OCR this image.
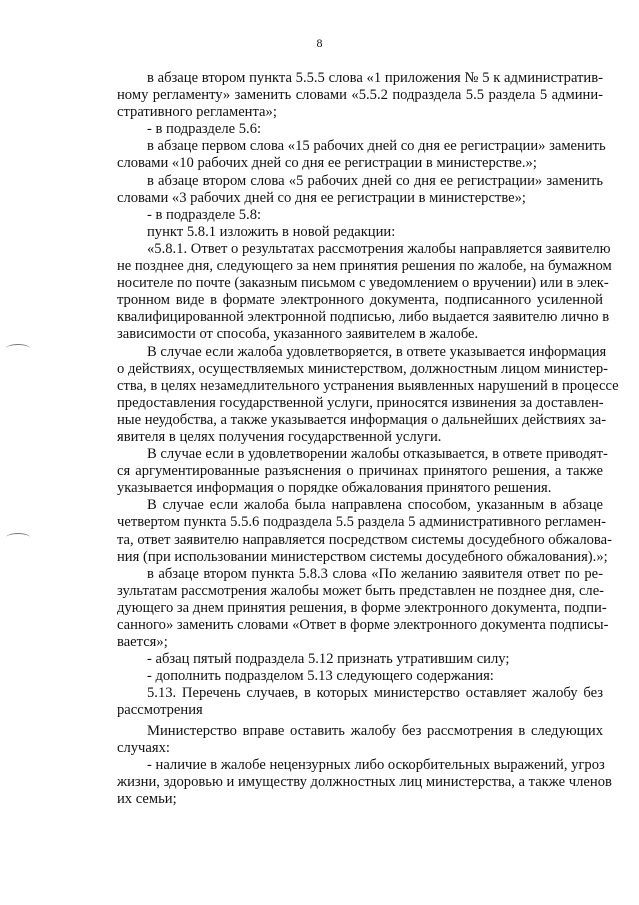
8
в абзаце втором пункта 5.5.5 слова «1 приложения № 5 к административ-
ному регламенту» заменить словами «5.5.2 подраздела 5.5 раздела 5 админи-
стративного регламента»;
- в подразделе 5.6:
в абзаце первом слова «15 рабочих дней со дня ее регистрации» заменить
словами «10 рабочих дней со дня ее регистрации в министерстве.»;
в абзаце втором слова «5 рабочих дней со дня ее регистрации» заменить
словами «3 рабочих дней со дня ее регистрации в министерстве»;
- в подразделе 5.8:
пункт 5.8.1 изложить в новой редакции:
«5.8.1. Ответ о результатах рассмотрения жалобы направляется заявителю
не позднее дня, следующего за нем принятия решения по жалобе, на бумажном
носителе по почте (заказным письмом с уведомлением о вручении) или в элек-
тронном виде в формате электронного документа, подписанного усиленной
квалифицированной электронной подписью, либо выдается заявителю лично в
зависимости от способа, указанного заявителем в жалобе.
В случае если жалоба удовлетворяется, в ответе указывается информация
о действиях, осуществляемых министерством, должностным лицом министер-
ства, в целях незамедлительного устранения выявленных нарушений в процессе
предоставления государственной услуги, приносятся извинения за доставлен-
ные неудобства, а также указывается информация о дальнейших действиях за-
явителя в целях получения государственной услуги.
В случае если в удовлетворении жалобы отказывается, в ответе приводят-
ся аргументированные разъяснения о причинах принятого решения, а также
указывается информация о порядке обжалования принятого решения.
В случае если жалоба была направлена способом, указанным в абзаце
четвертом пункта 5.5.6 подраздела 5.5 раздела 5 административного регламен-
та, ответ заявителю направляется посредством системы досудебного обжалова-
ния (при использовании министерством системы досудебного обжалования).»;
в абзаце втором пункта 5.8.3 слова «По желанию заявителя ответ по ре-
зультатам рассмотрения жалобы может быть представлен не позднее дня, сле-
дующего за днем принятия решения, в форме электронного документа, подпи-
санного» заменить словами «Ответ в форме электронного документа подписы-
вается»;
- абзац пятый подраздела 5.12 признать утратившим силу;
- дополнить подразделом 5.13 следующего содержания:
5.13. Перечень случаев, в которых министерство оставляет жалобу без
рассмотрения
Министерство вправе оставить жалобу без рассмотрения в следующих
случаях:
- наличие в жалобе нецензурных либо оскорбительных выражений, угроз
жизни, здоровью и имуществу должностных лиц министерства, а также членов
их семьи;
